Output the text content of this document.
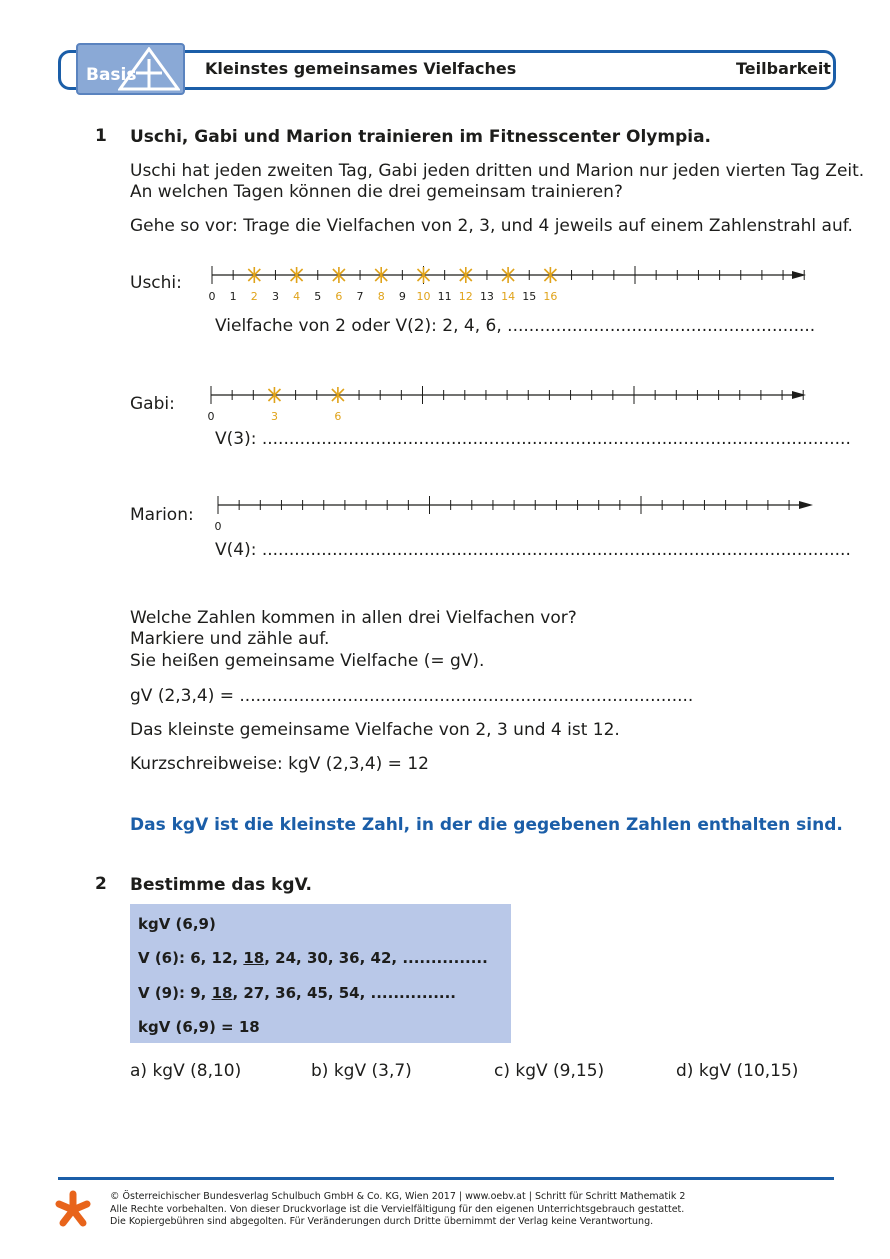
Basis	Kleinstes gemeinsames Vielfaches	Teilbarkeit
1 Uschi, Gabi und Marion trainieren im Fitnesscenter Olympia.
Uschi hat jeden zweiten Tag, Gabi jeden dritten und Marion nur jeden vierten Tag Zeit.
An welchen Tagen können die drei gemeinsam trainieren?
Gehe so vor: Trage die Vielfachen von 2, 3, und 4 jeweils auf einem Zahlenstrahl auf.
Uschi:
0 1 2 3 4 5 6 7 8 9 10 11 12 13 14 15 16
Vielfache von 2 oder V(2): 2, 4, 6, .........................................................
Gabi:
0	3	6
V(3): .............................................................................................................
Marion:
0
V(4): .............................................................................................................
Welche Zahlen kommen in allen drei Vielfachen vor?
Markiere und zähle auf.
Sie heißen gemeinsame Vielfache (= gV).
gV (2,3,4) = ....................................................................................
Das kleinste gemeinsame Vielfache von 2, 3 und 4 ist 12.
Kurzschreibweise: kgV (2,3,4) = 12
Das kgV ist die kleinste Zahl, in der die gegebenen Zahlen enthalten sind.
2 Bestimme das kgV.
kgV (6,9)
V (6): 6, 12, 18, 24, 30, 36, 42, ...............
V (9): 9, 18, 27, 36, 45, 54, ...............
kgV (6,9) = 18
a) kgV (8,10)	b) kgV (3,7)	c) kgV (9,15)	d) kgV (10,15)
© Österreichischer Bundesverlag Schulbuch GmbH & Co. KG, Wien 2017 | www.oebv.at | Schritt für Schritt Mathematik 2
Alle Rechte vorbehalten. Von dieser Druckvorlage ist die Vervielfältigung für den eigenen Unterrichtsgebrauch gestattet.
Die Kopiergebühren sind abgegolten. Für Veränderungen durch Dritte übernimmt der Verlag keine Verantwortung.
